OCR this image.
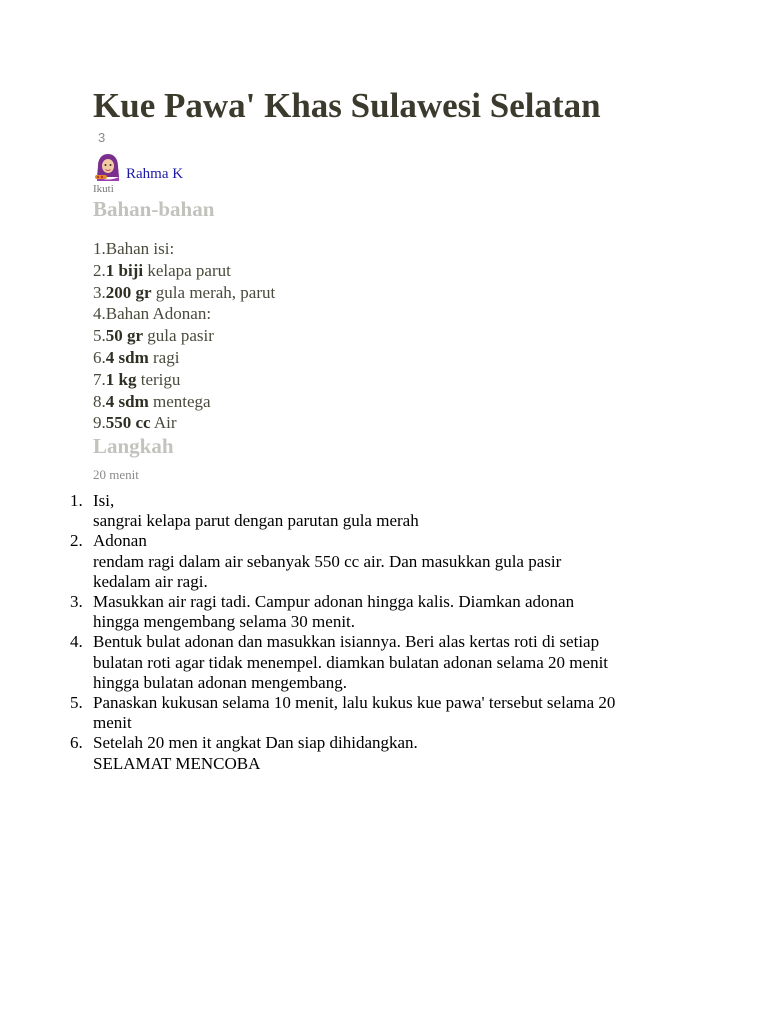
Kue Pawa' Khas Sulawesi Selatan
3
Rahma K
Ikuti
Bahan-bahan
1.Bahan isi:
2.1 biji kelapa parut
3.200 gr gula merah, parut
4.Bahan Adonan:
5.50 gr gula pasir
6.4 sdm ragi
7.1 kg terigu
8.4 sdm mentega
9.550 cc Air
Langkah
20 menit
1. Isi,
sangrai kelapa parut dengan parutan gula merah
2. Adonan
rendam ragi dalam air sebanyak 550 cc air. Dan masukkan gula pasir
kedalam air ragi.
3. Masukkan air ragi tadi. Campur adonan hingga kalis. Diamkan adonan
hingga mengembang selama 30 menit.
4. Bentuk bulat adonan dan masukkan isiannya. Beri alas kertas roti di setiap
bulatan roti agar tidak menempel. diamkan bulatan adonan selama 20 menit
hingga bulatan adonan mengembang.
5. Panaskan kukusan selama 10 menit, lalu kukus kue pawa' tersebut selama 20
menit
6. Setelah 20 men it angkat Dan siap dihidangkan.
SELAMAT MENCOBA
